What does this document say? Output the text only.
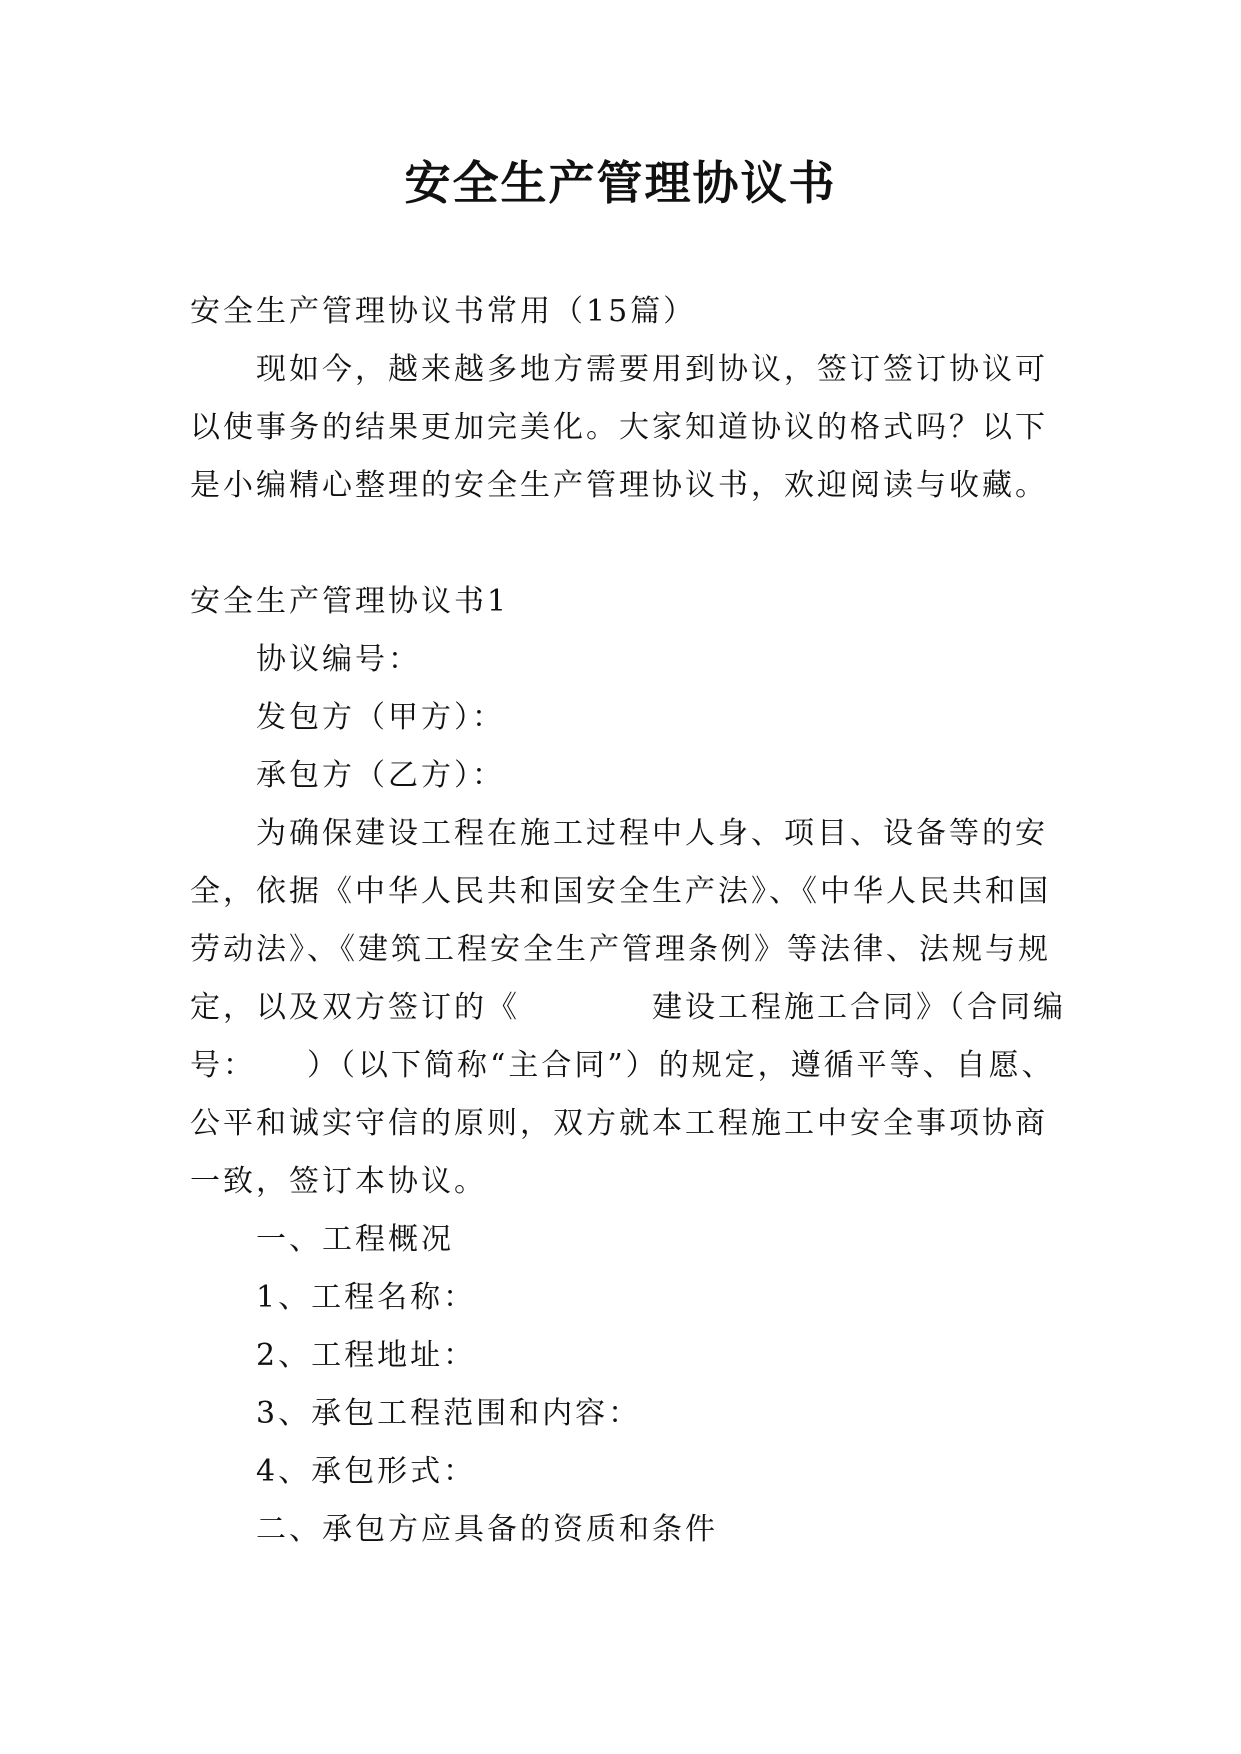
安全生产管理协议书

安全生产管理协议书常用（15篇）

现如今，越来越多地方需要用到协议，签订签订协议可

以使事务的结果更加完美化。大家知道协议的格式吗？以下

是小编精心整理的安全生产管理协议书，欢迎阅读与收藏。

安全生产管理协议书1

协议编号：

发包方（甲方）：

承包方（乙方）：

为确保建设工程在施工过程中人身、项目、设备等的安

全，依据《中华人民共和国安全生产法》、《中华人民共和国

劳动法》、《建筑工程安全生产管理条例》等法律、法规与规

定，以及双方签订的《　　　　建设工程施工合同》（合同编

号：　　）（以下简称“主合同”）的规定，遵循平等、自愿、

公平和诚实守信的原则，双方就本工程施工中安全事项协商

一致，签订本协议。

一、工程概况

1、工程名称：

2、工程地址：

3、承包工程范围和内容：

4、承包形式：

二、承包方应具备的资质和条件
